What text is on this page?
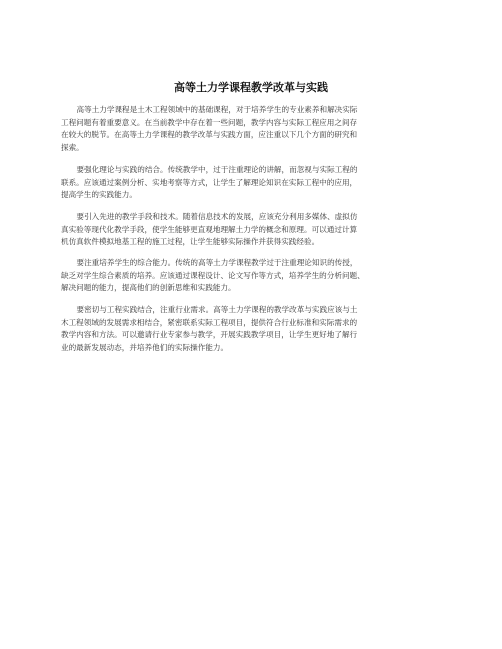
高等土力学课程教学改革与实践

高等土力学课程是土木工程领域中的基础课程，对于培养学生的专业素养和解决实际
工程问题有着重要意义。在当前教学中存在着一些问题，教学内容与实际工程应用之间存
在较大的脱节。在高等土力学课程的教学改革与实践方面，应注重以下几个方面的研究和
探索。

要强化理论与实践的结合。传统教学中，过于注重理论的讲解，而忽视与实际工程的
联系。应该通过案例分析、实地考察等方式，让学生了解理论知识在实际工程中的应用，
提高学生的实践能力。

要引入先进的教学手段和技术。随着信息技术的发展，应该充分利用多媒体、虚拟仿
真实验等现代化教学手段，使学生能够更直观地理解土力学的概念和原理。可以通过计算
机仿真软件模拟地基工程的施工过程，让学生能够实际操作并获得实践经验。

要注重培养学生的综合能力。传统的高等土力学课程教学过于注重理论知识的传授，
缺乏对学生综合素质的培养。应该通过课程设计、论文写作等方式，培养学生的分析问题、
解决问题的能力，提高他们的创新思维和实践能力。

要密切与工程实践结合，注重行业需求。高等土力学课程的教学改革与实践应该与土
木工程领域的发展需求相结合，紧密联系实际工程项目，提供符合行业标准和实际需求的
教学内容和方法。可以邀请行业专家参与教学，开展实践教学项目，让学生更好地了解行
业的最新发展动态，并培养他们的实际操作能力。
